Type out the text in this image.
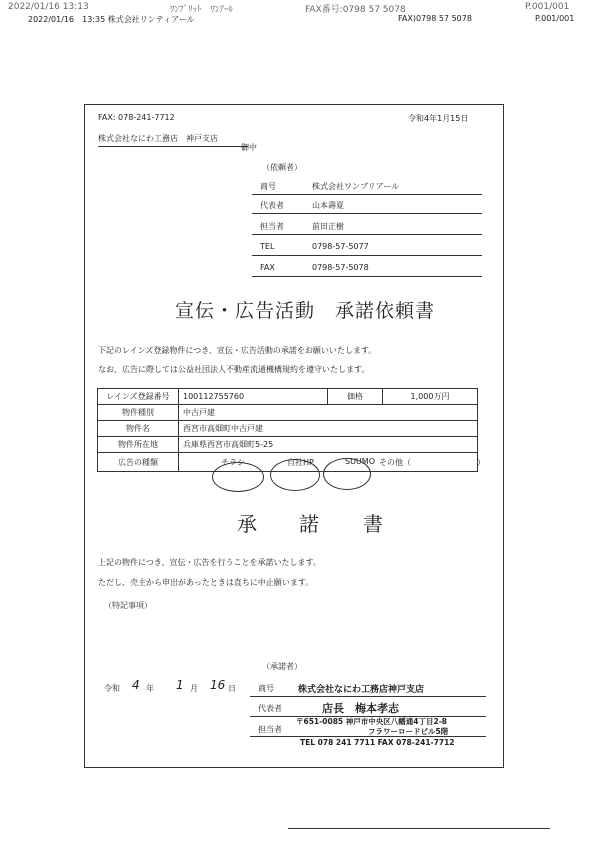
2022/01/16 13:13	ﾜﾝﾌﾞﾘｯﾄ　ﾜﾝｱｰﾙ	FAX番号:0798 57 5078	P.001/001
2022/01/16　13:35 株式会社リンティアール	FAX)0798 57 5078	P.001/001
FAX: 078-241-7712	令和4年1月15日
株式会社なにわ工務店　神戸支店
御中
（依頼者）
商号	株式会社ワンブリアール
代表者	山本壽夏
担当者	前田正樹
TEL	0798-57-5077
FAX	0798-57-5078
宣伝・広告活動　承諾依頼書
下記のレインズ登録物件につき、宣伝・広告活動の承諾をお願いいたします。
なお、広告に際しては公益社団法人不動産流通機構規約を遵守いたします。
レインズ登録番号	100112755760	価格	1,000万円
物件種別	中古戸建		
物件名	西宮市高畑町中古戸建		
物件所在地	兵庫県西宮市高畑町5-25		
広告の種類	チラシ 自社HP SUUMO その他（ ）		
承 諾 書
上記の物件につき、宣伝・広告を行うことを承諾いたします。
ただし、売主から申出があったときは直ちに中止願います。
（特記事項）
（承諾者）
令和 4 年 1 月 16 日	商号	株式会社なにわ工務店神戸支店
代表者	店長　梅本孝志
担当者
〒651-0085 神戸市中央区八幡通4丁目2-8
フラワーロードビル5階
TEL 078 241 7711 FAX 078-241-7712
